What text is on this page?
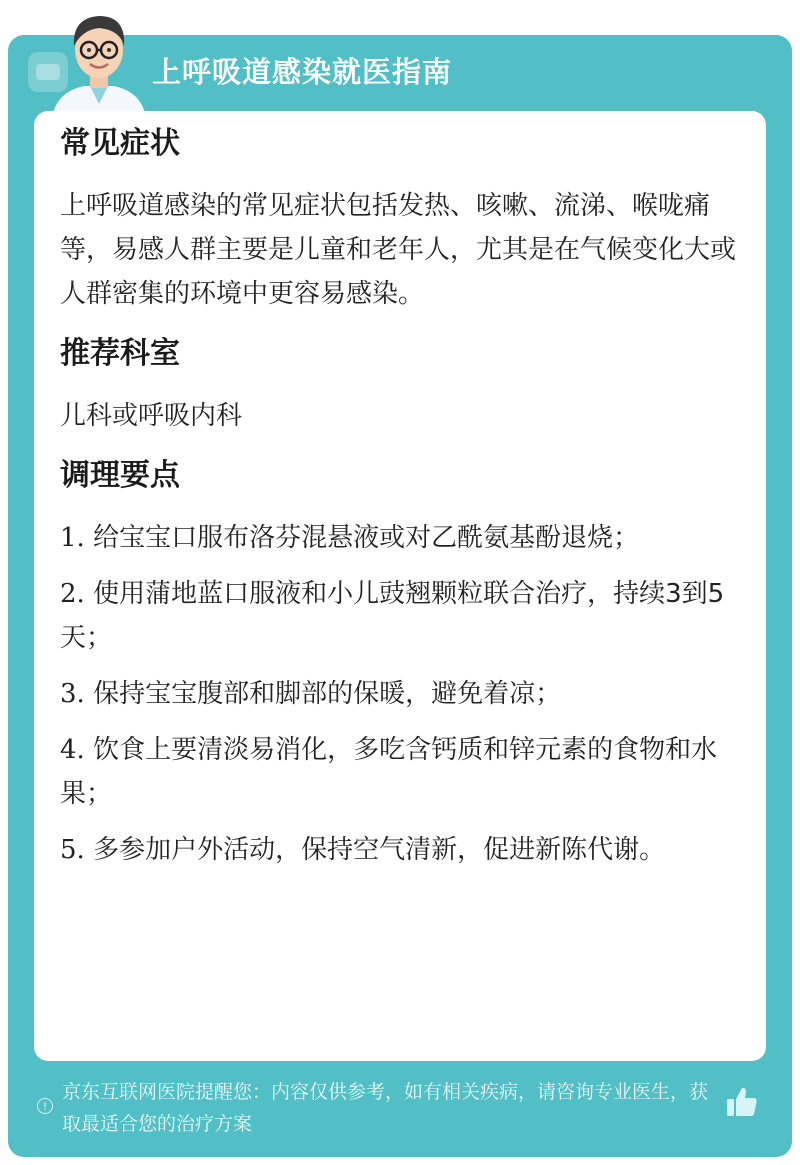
上呼吸道感染就医指南
常见症状

上呼吸道感染的常见症状包括发热、咳嗽、流涕、喉咙痛等，易感人群主要是儿童和老年人，尤其是在气候变化大或人群密集的环境中更容易感染。

推荐科室

儿科或呼吸内科

调理要点

1. 给宝宝口服布洛芬混悬液或对乙酰氨基酚退烧；

2. 使用蒲地蓝口服液和小儿豉翘颗粒联合治疗，持续3到5天；

3. 保持宝宝腹部和脚部的保暖，避免着凉；

4. 饮食上要清淡易消化，多吃含钙质和锌元素的食物和水果；

5. 多参加户外活动，保持空气清新，促进新陈代谢。

!
京东互联网医院提醒您：内容仅供参考，如有相关疾病，请咨询专业医生，获取最适合您的治疗方案
